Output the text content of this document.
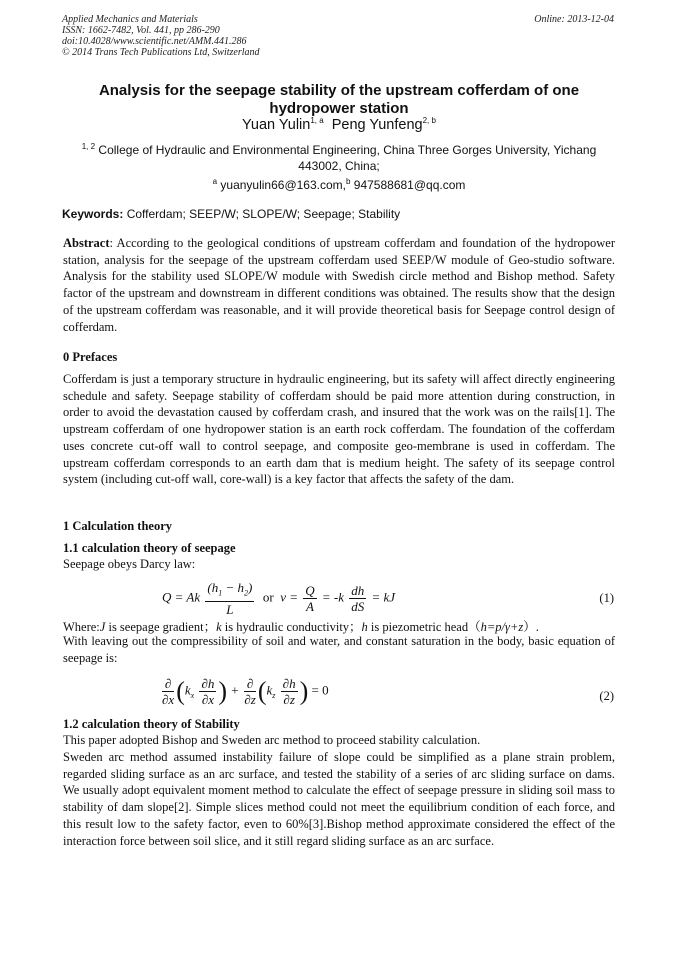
Applied Mechanics and Materials
ISSN: 1662-7482, Vol. 441, pp 286-290
doi:10.4028/www.scientific.net/AMM.441.286
© 2014 Trans Tech Publications Ltd, Switzerland
Online: 2013-12-04
Analysis for the seepage stability of the upstream cofferdam of one hydropower station
Yuan Yulin$^{1, a}$ Peng Yunfeng$^{2, b}$
$^{1, 2}$ College of Hydraulic and Environmental Engineering, China Three Gorges University, Yichang 443002, China;
$^a$ yuanyulin66@163.com,$^b$ 947588681@qq.com
Keywords: Cofferdam; SEEP/W; SLOPE/W; Seepage; Stability
Abstract: According to the geological conditions of upstream cofferdam and foundation of the hydropower station, analysis for the seepage of the upstream cofferdam used SEEP/W module of Geo-studio software. Analysis for the stability used SLOPE/W module with Swedish circle method and Bishop method. Safety factor of the upstream and downstream in different conditions was obtained. The results show that the design of the upstream cofferdam was reasonable, and it will provide theoretical basis for Seepage control design of cofferdam.
0 Prefaces
Cofferdam is just a temporary structure in hydraulic engineering, but its safety will affect directly engineering schedule and safety. Seepage stability of cofferdam should be paid more attention during construction, in order to avoid the devastation caused by cofferdam crash, and insured that the work was on the rails[1]. The upstream cofferdam of one hydropower station is an earth rock cofferdam. The foundation of the cofferdam uses concrete cut-off wall to control seepage, and composite geo-membrane is used in cofferdam. The upstream cofferdam corresponds to an earth dam that is medium height. The safety of its seepage control system (including cut-off wall, core-wall) is a key factor that affects the safety of the dam.
1 Calculation theory
1.1 calculation theory of seepage
Seepage obeys Darcy law:
Q = Ak $\frac{(h_1 - h_2)}{L}$ or  $v = \frac{Q}{A} = -k \frac{dh}{dS}$ = kJ	(1)
Where:J is seepage gradient；k is hydraulic conductivity；h is piezometric head（h=p/γ+z）.
With leaving out the compressibility of soil and water, and constant saturation in the body, basic equation of seepage is:
$\frac{\partial}{\partial x} (k_x \frac{\partial h}{\partial x}$ ) + $\frac{\partial}{\partial z} (k_z \frac{\partial h}{\partial z}$ ) = 0	(2)
1.2 calculation theory of Stability
This paper adopted Bishop and Sweden arc method to proceed stability calculation.
Sweden arc method assumed instability failure of slope could be simplified as a plane strain problem, regarded sliding surface as an arc surface, and tested the stability of a series of arc sliding surface on dams. We usually adopt equivalent moment method to calculate the effect of seepage pressure in sliding soil mass to stability of dam slope[2]. Simple slices method could not meet the equilibrium condition of each force, and this result low to the safety factor, even to 60%[3].Bishop method approximate considered the effect of the interaction force between soil slice, and it still regard sliding surface as an arc surface.
